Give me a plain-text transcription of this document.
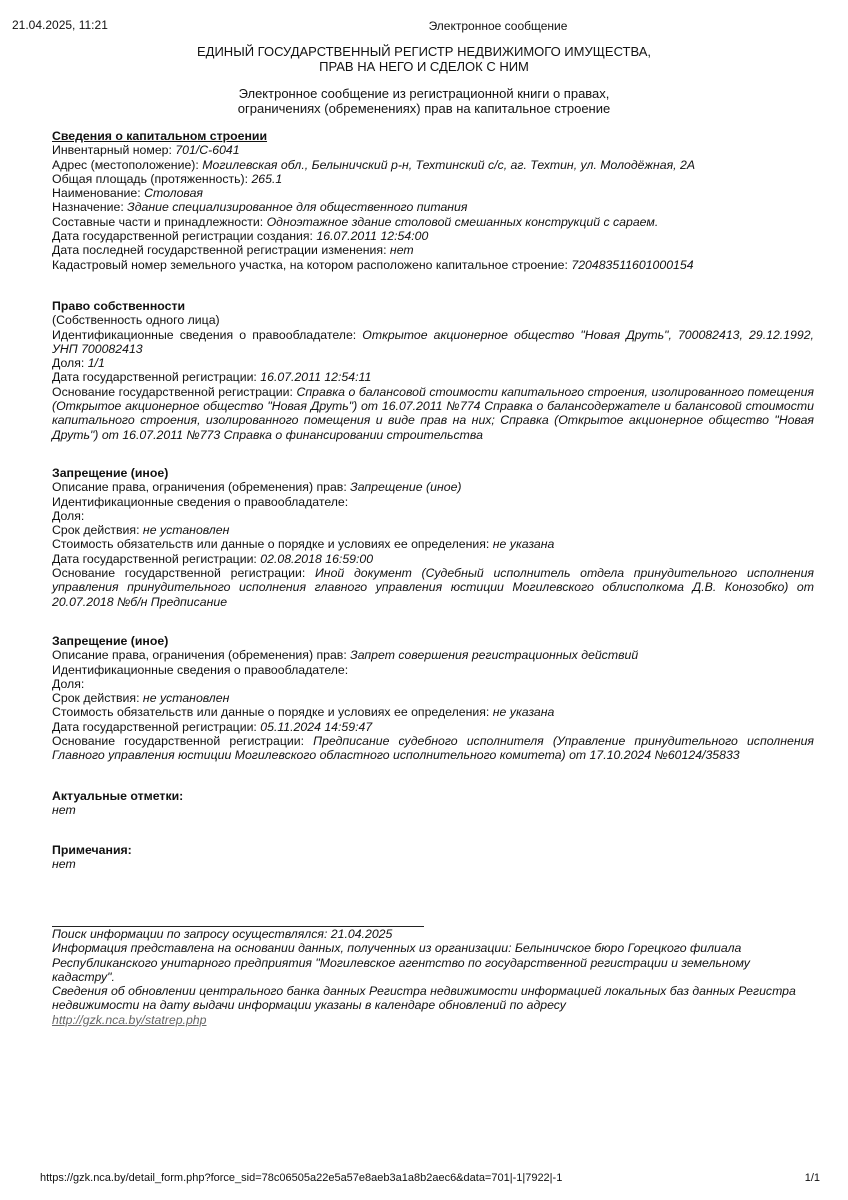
21.04.2025, 11:21	Электронное сообщение
ЕДИНЫЙ ГОСУДАРСТВЕННЫЙ РЕГИСТР НЕДВИЖИМОГО ИМУЩЕСТВА,
ПРАВ НА НЕГО И СДЕЛОК С НИМ
Электронное сообщение из регистрационной книги о правах,
ограничениях (обременениях) прав на капитальное строение
Сведения о капитальном строении
Инвентарный номер: 701/C-6041
Адрес (местоположение): Могилевская обл., Белыничский р-н, Техтинский с/с, аг. Техтин, ул. Молодёжная, 2А
Общая площадь (протяженность): 265.1
Наименование: Столовая
Назначение: Здание специализированное для общественного питания
Составные части и принадлежности: Одноэтажное здание столовой смешанных конструкций с сараем.
Дата государственной регистрации создания: 16.07.2011 12:54:00
Дата последней государственной регистрации изменения: нет
Кадастровый номер земельного участка, на котором расположено капитальное строение: 720483511601000154
Право собственности
(Собственность одного лица)
Идентификационные сведения о правообладателе: Открытое акционерное общество "Новая Друть", 700082413, 29.12.1992, УНП 700082413
Доля: 1/1
Дата государственной регистрации: 16.07.2011 12:54:11
Основание государственной регистрации: Справка о балансовой стоимости капитального строения, изолированного помещения (Открытое акционерное общество "Новая Друть") от 16.07.2011 №774 Справка о балансодержателе и балансовой стоимости капитального строения, изолированного помещения и виде прав на них; Справка (Открытое акционерное общество "Новая Друть") от 16.07.2011 №773 Справка о финансировании строительства
Запрещение (иное)
Описание права, ограничения (обременения) прав: Запрещение (иное)
Идентификационные сведения о правообладателе:
Доля:
Срок действия: не установлен
Стоимость обязательств или данные о порядке и условиях ее определения: не указана
Дата государственной регистрации: 02.08.2018 16:59:00
Основание государственной регистрации: Иной документ (Судебный исполнитель отдела принудительного исполнения управления принудительного исполнения главного управления юстиции Могилевского облисполкома Д.В. Конозобко) от 20.07.2018 №б/н Предписание
Запрещение (иное)
Описание права, ограничения (обременения) прав: Запрет совершения регистрационных действий
Идентификационные сведения о правообладателе:
Доля:
Срок действия: не установлен
Стоимость обязательств или данные о порядке и условиях ее определения: не указана
Дата государственной регистрации: 05.11.2024 14:59:47
Основание государственной регистрации: Предписание судебного исполнителя (Управление принудительного исполнения Главного управления юстиции Могилевского областного исполнительного комитета) от 17.10.2024 №60124/35833
Актуальные отметки:
нет
Примечания:
нет
Поиск информации по запросу осуществлялся: 21.04.2025
Информация представлена на основании данных, полученных из организации: Белыничское бюро Горецкого филиала Республиканского унитарного предприятия "Могилевское агентство по государственной регистрации и земельному кадастру".
Сведения об обновлении центрального банка данных Регистра недвижимости информацией локальных баз данных Регистра недвижимости на дату выдачи информации указаны в календаре обновлений по адресу
http://gzk.nca.by/statrep.php
https://gzk.nca.by/detail_form.php?force_sid=78c06505a22e5a57e8aeb3a1a8b2aec6&data=701|-1|7922|-1	1/1
